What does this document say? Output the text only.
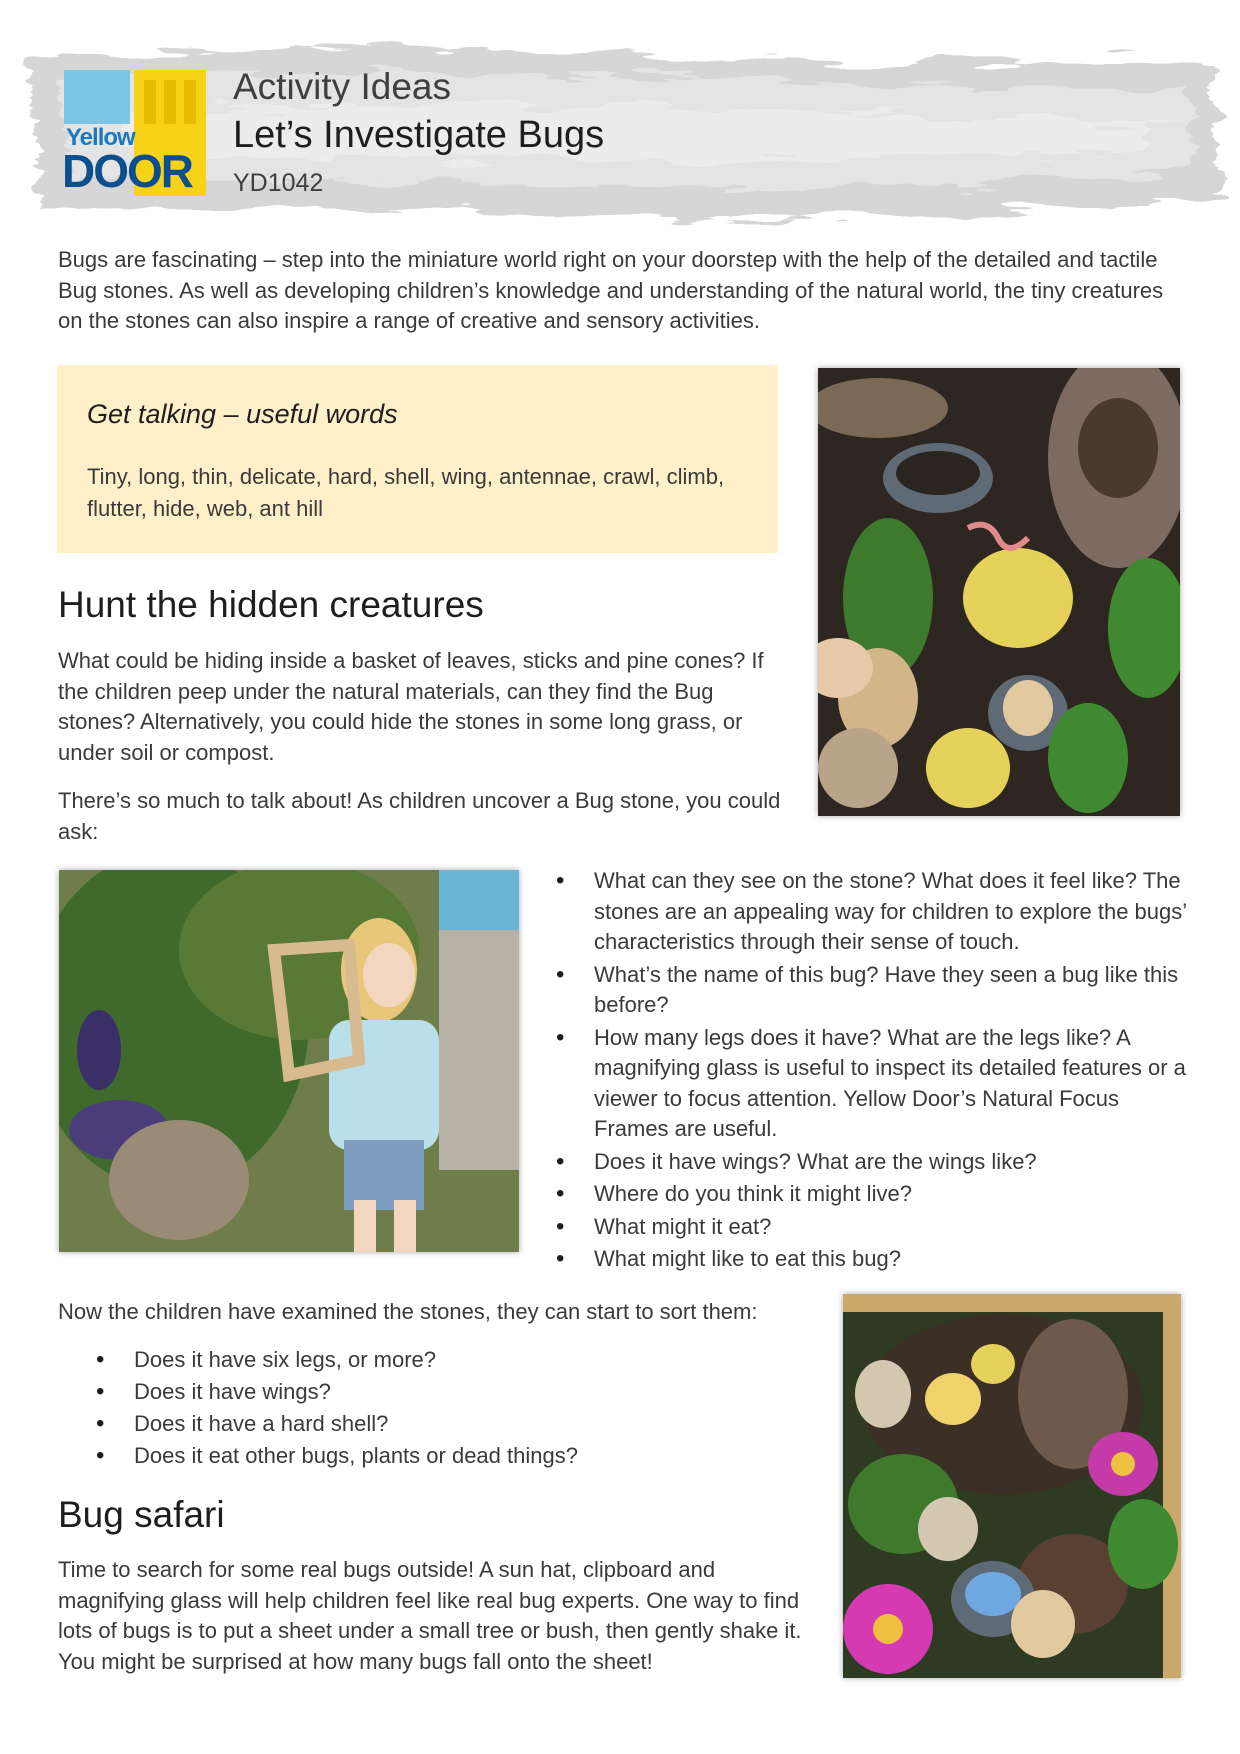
Yellow
DOOR
Activity Ideas
Let’s Investigate Bugs
YD1042

Bugs are fascinating – step into the miniature world right on your doorstep with the help of the detailed and tactile Bug stones. As well as developing children’s knowledge and understanding of the natural world, the tiny creatures on the stones can also inspire a range of creative and sensory activities.

Get talking – useful words
Tiny, long, thin, delicate, hard, shell, wing, antennae, crawl, climb, flutter, hide, web, ant hill
Hunt the hidden creatures

What could be hiding inside a basket of leaves, sticks and pine cones? If the children peep under the natural materials, can they find the Bug stones? Alternatively, you could hide the stones in some long grass, or under soil or compost.

There’s so much to talk about! As children uncover a Bug stone, you could ask:

• What can they see on the stone? What does it feel like? The stones are an appealing way for children to explore the bugs’ characteristics through their sense of touch.
• What’s the name of this bug? Have they seen a bug like this before?
• How many legs does it have? What are the legs like? A magnifying glass is useful to inspect its detailed features or a viewer to focus attention. Yellow Door’s Natural Focus Frames are useful.
• Does it have wings? What are the wings like?
• Where do you think it might live?
• What might it eat?
• What might like to eat this bug?

Now the children have examined the stones, they can start to sort them:

• Does it have six legs, or more?
• Does it have wings?
• Does it have a hard shell?
• Does it eat other bugs, plants or dead things?
Bug safari

Time to search for some real bugs outside! A sun hat, clipboard and magnifying glass will help children feel like real bug experts. One way to find lots of bugs is to put a sheet under a small tree or bush, then gently shake it. You might be surprised at how many bugs fall onto the sheet!
